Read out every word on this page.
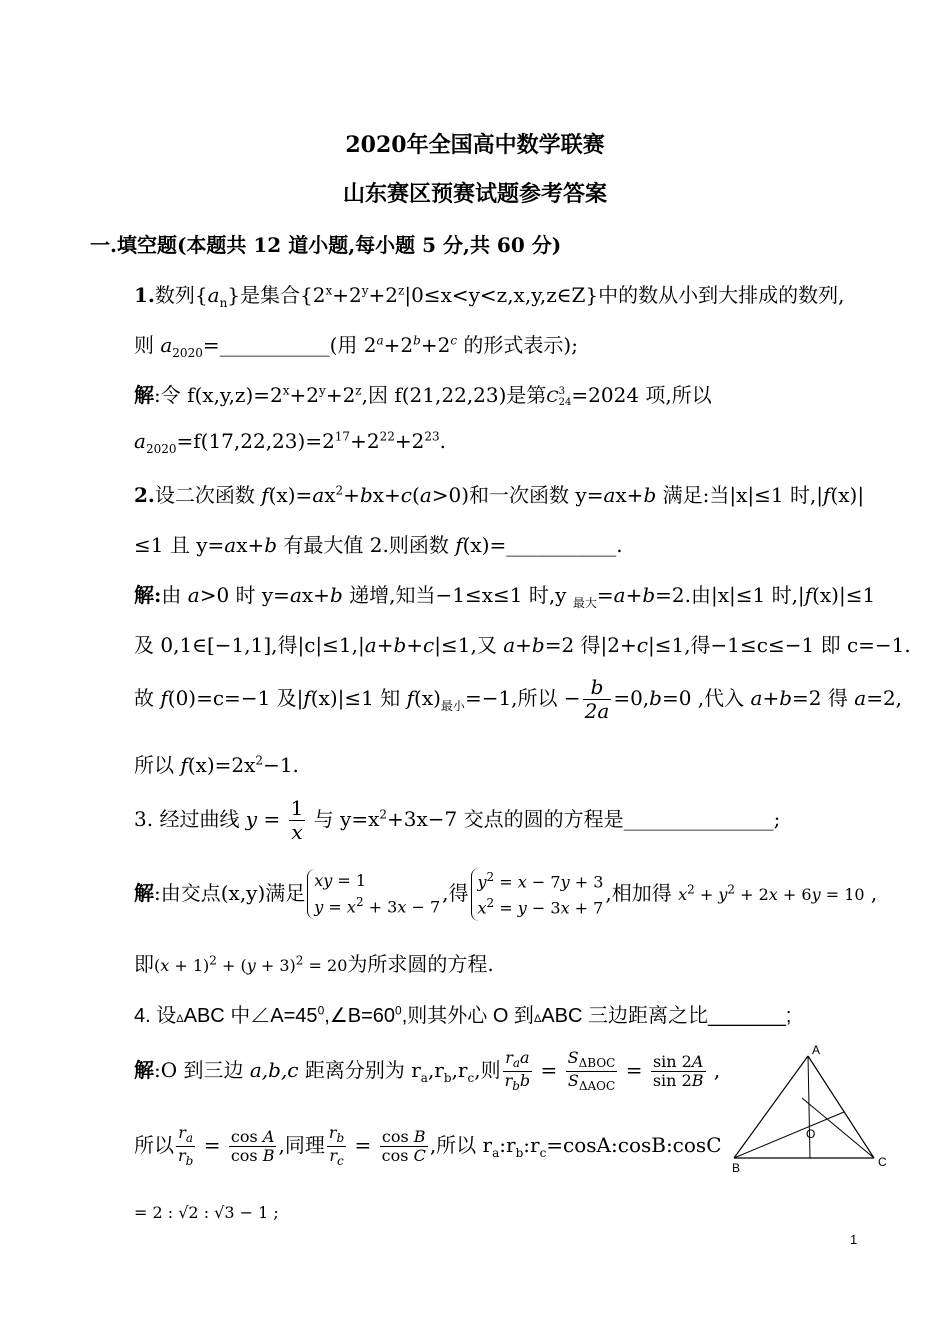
2020年全国高中数学联赛
山东赛区预赛试题参考答案
一.填空题(本题共 12 道小题,每小题 5 分,共 60 分)
1.数列$\{a_n\}$是集合$\{2^x+2^y+2^z|0\le x<y<z,x,y,z\in Z\}$中的数从小到大排成的数列,
则 $a_{2020}=\_\_\_\_\_\_\_\_\_\_\_$(用 $2^a+2^b+2^c$ 的形式表示);
解:令 $f(x,y,z)=2^x+2^y+2^z$,因 f(21,22,23)是第C3
24=2024 项,所以
$a_{2020}=f(17,22,23)=2^{17}+2^{22}+2^{23}$.
2.设二次函数 $f(x)=ax^2+bx+c(a>0)$和一次函数 y=ax+b 满足:当|x|≤1 时,|f(x)|
≤1 且 y=ax+b 有最大值 2.则函数 f(x)=___________.
解:由 a>0 时 y=ax+b 递增,知当−1≤x≤1 时,y $_{最大}$=a+b=2.由|x|≤1 时,|f(x)|≤1
及 0,1∈[−1,1],得|c|≤1,|a+b+c|≤1,又 a+b=2 得|2+c|≤1,得−1≤c≤−1 即 c=−1.
故 f(0)=c=−1 及|f(x)|≤1 知 $f(x)_{最小}=-1$,所以 − $\frac{b}{2a} =0,b=0$ ,代入 a+b=2 得 a=2,
所以 $f(x)=2x^2-1$.
3. 经过曲线 $y = \frac{1}{x}$ 与 $y=x^2+3x-7$ 交点的圆的方程是_______________;
解:由交点(x,y)满足xy = 1
$y = x^2 + 3x - 7$,得 $y^2 = x - 7y + 3$
$x^2 = y - 3x + 7$,相加得 $x^2 + y^2 + 2x + 6y = 10$ ,
即$(x + 1)^2 + (y + 3)^2 = 20$为所求圆的方程.
4. 设ΔABC 中$\angle A=45^0,\angle B=60^0$,则其外心 O 到ΔABC 三边距离之比_______;
解:O 到三边 a,b,c 距离分别为 $r_a,r_b,r_c$,则 $\frac{r_aa}{r_bb} = \frac{S_{\Delta BOC}}{S_{\Delta AOC}} = \frac{\sin 2A}{\sin 2B}$ ,
所以 $\frac{r_a}{r_b} = \frac{\text{cos A}}{\text{cos B}}$ ,同理 $\frac{r_b}{r_c} = \frac{\text{cos B}}{\text{cos C}}$ ,所以 $r_a:r_b:r_c=\cos A:\cos B:\cos C$
= 2 : √2 : √3 − 1 ;
A
O
B	C
1
